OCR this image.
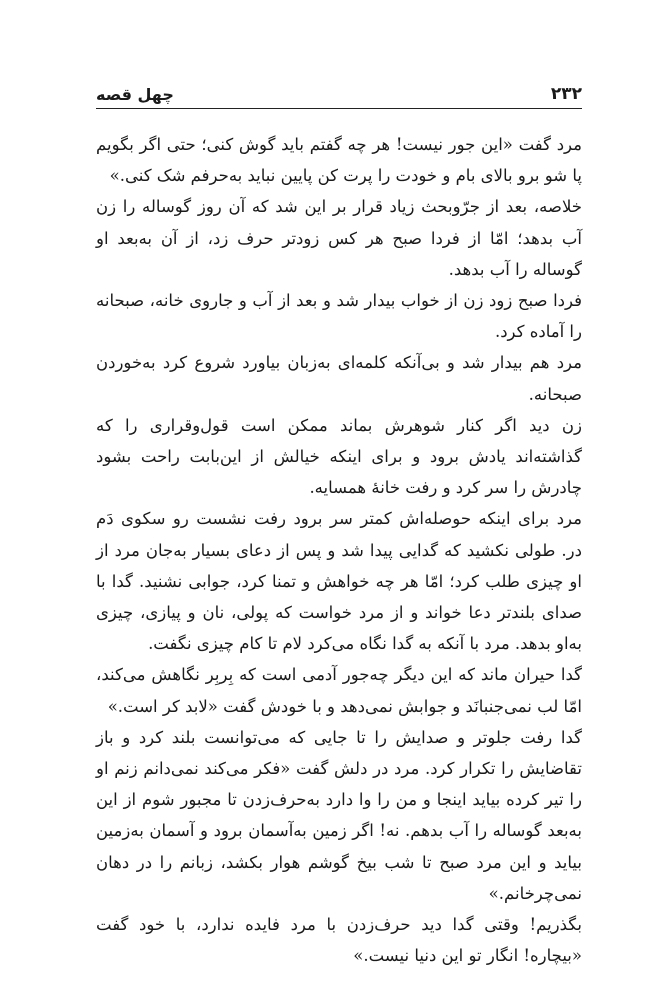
۲۳۲
چهل قصه

مرد گفت «این جور نیست! هر چه گفتم باید گوش کنی؛ حتی اگر بگویم پا شو برو بالای بام و خودت را پرت کن پایین نباید به‌حرفم شک کنی.»

خلاصه، بعد از جرّوبحث زیاد قرار بر این شد که آن روز گوساله را زن آب بدهد؛ امّا از فردا صبح هر کس زودتر حرف زد، از آن به‌بعد او گوساله را آب بدهد.

فردا صبح زود زن از خواب بیدار شد و بعد از آب و جاروی خانه، صبحانه را آماده کرد.

مرد هم بیدار شد و بی‌آنکه کلمه‌ای به‌زبان بیاورد شروع کرد به‌خوردن صبحانه.

زن دید اگر کنار شوهرش بماند ممکن است قول‌وقراری را که گذاشته‌اند یادش برود و برای اینکه خیالش از این‌بابت راحت بشود چادرش را سر کرد و رفت خانهٔ همسایه.

مرد برای اینکه حوصله‌اش کمتر سر برود رفت نشست رو سکوی دَم در. طولی نکشید که گدایی پیدا شد و پس از دعای بسیار به‌جان مرد از او چیزی طلب کرد؛ امّا هر چه خواهش و تمنا کرد، جوابی نشنید. گدا با صدای بلندتر دعا خواند و از مرد خواست که پولی، نان و پیازی، چیزی به‌او بدهد. مرد با آنکه به گدا نگاه می‌کرد لام تا کام چیزی نگفت.

گدا حیران ماند که این دیگر چه‌جور آدمی است که بِربِر نگاهش می‌کند، امّا لب نمی‌جنبانَد و جوابش نمی‌دهد و با خودش گفت «لابد کر است.»

گدا رفت جلوتر و صدایش را تا جایی که می‌توانست بلند کرد و باز تقاضایش را تکرار کرد. مرد در دلش گفت «فکر می‌کند نمی‌دانم زنم او را تیر کرده بیاید اینجا و من را وا دارد به‌حرف‌زدن تا مجبور شوم از این به‌بعد گوساله را آب بدهم. نه! اگر زمین به‌آسمان برود و آسمان به‌زمین بیاید و این مرد صبح تا شب بیخ گوشم هوار بکشد، زبانم را در دهان نمی‌چرخانم.»

بگذریم! وقتی گدا دید حرف‌زدن با مرد فایده ندارد، با خود گفت «بیچاره! انگار تو این دنیا نیست.»
